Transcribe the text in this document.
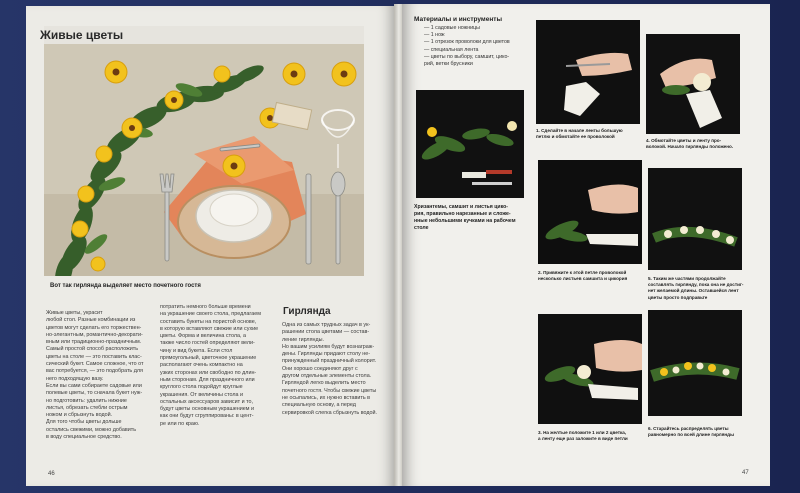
Живые цветы
Вот так гирлянда выделяет место почетного гостя
Живые цветы, украсит
любой стол. Разные комбинации из
цветов могут сделать его торжествен-
но-элегантным, романтично-декорати-
вным или традиционно-праздничным.
Самый простой способ расположить
цветы на столе — это поставить клас-
сический букет. Самое сложное, что от
вас потребуется, — это подобрать для
него подходящую вазу.
Если вы сами собираете садовые или
полевые цветы, то сначала букет нуж-
но подготовить: удалить нижние
листья, обрезать стебли острым
ножом и сбрызнуть водой.
Для того чтобы цветы дольше
остались свежими, можно добавить
в воду специальное средство.
потратить немного больше времени
на украшение своего стола, предлагаем
составить букеты на пористой основе,
в которую вставляют свежие или сухие
цветы. Форма и величина стола, а
также число гостей определяют вели-
чину и вид букета. Если стол
прямоугольный, цветочное украшение
располагают очень компактно на
узких сторонах или свободно по длин-
ным сторонам. Для праздничного или
круглого стола подойдут круглые
украшения. От величины стола и
остальных аксессуаров зависит и то,
будут цветы основным украшением и
как они будут сгруппированы: в цент-
ре или по краю.
Гирлянда
Одна из самых трудных задач в ук-
рашении стола цветами — состав-
ление гирлянды.
Но вашим усилиям будут вознаграж-
дены. Гирлянды придают столу не-
принужденный праздничный колорит.
Они хорошо соединяют друг с
другом отдельные элементы стола.
Гирляндой легко выделить место
почетного гостя. Чтобы свежие цветы
не осыпались, их нужно вставить в
специальную основу, а перед
сервировкой слегка сбрызнуть водой.
46
Материалы и инструменты
— 1 садовые ножницы
— 1 нож
— 1 отрезок проволоки для цветов
— специальная лента
— цветы по выбору, самшит, цико-
рий, ветки брусники
Хризантемы, самшит и листья цико-
рия, правильно нарезанные и сложе-
нные небольшими кучками на рабочем
столе
1. Сделайте в начале ленты большую
петлю и обмотайте ее проволокой
4. Обмотайте цветы и ленту про-
волокой. Начало гирлянды положено.
2. Привяжите к этой петле проволокой
несколько листьев самшита и цикория	5. Таким же частями продолжайте
составлять гирлянду, пока она не достиг-
нет желаемой длины. Оставшейся лент
цветы просто подправьте
3. На желтые положите 1 или 2 цветка,
а ленту еще раз заложите в виде петли
6. Старайтесь распределять цветы
равномерно по всей длине гирлянды
47
